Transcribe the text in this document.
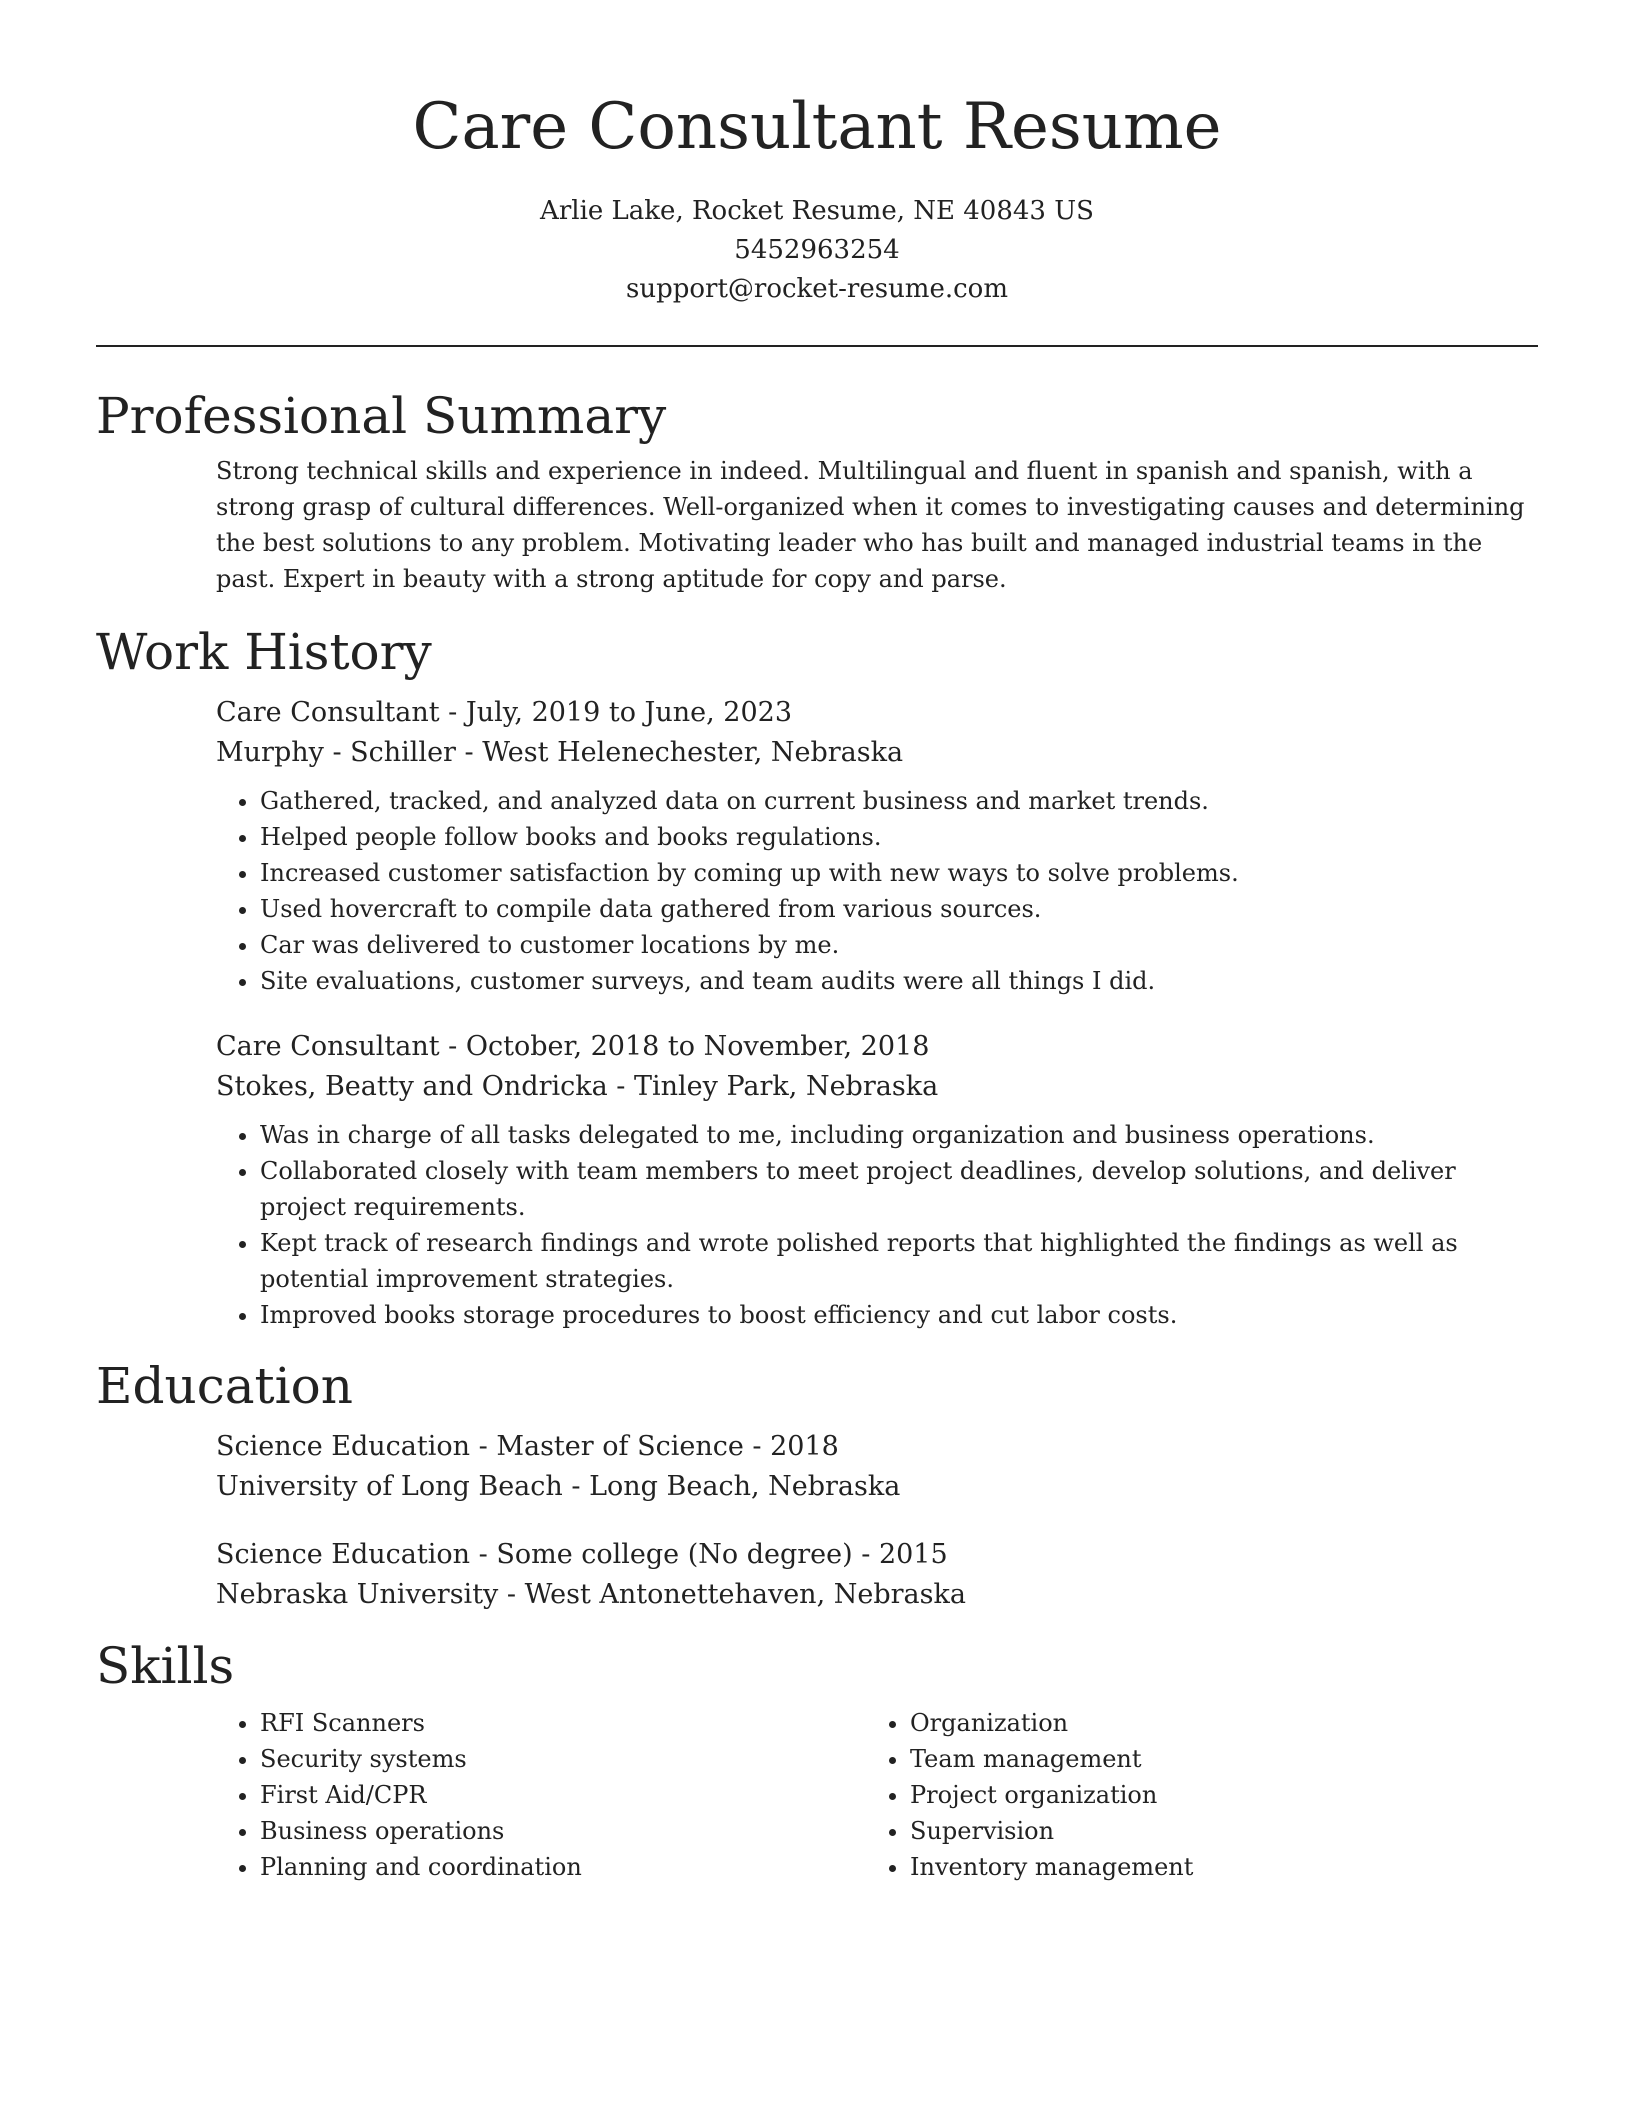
Care Consultant Resume
Arlie Lake, Rocket Resume, NE 40843 US
5452963254
support@rocket-resume.com
Professional Summary
Strong technical skills and experience in indeed. Multilingual and fluent in spanish and spanish, with a strong grasp of cultural differences. Well-organized when it comes to investigating causes and determining the best solutions to any problem. Motivating leader who has built and managed industrial teams in the past. Expert in beauty with a strong aptitude for copy and parse.
Work History
Care Consultant - July, 2019 to June, 2023
Murphy - Schiller - West Helenechester, Nebraska
• Gathered, tracked, and analyzed data on current business and market trends.
• Helped people follow books and books regulations.
• Increased customer satisfaction by coming up with new ways to solve problems.
• Used hovercraft to compile data gathered from various sources.
• Car was delivered to customer locations by me.
• Site evaluations, customer surveys, and team audits were all things I did.
Care Consultant - October, 2018 to November, 2018
Stokes, Beatty and Ondricka - Tinley Park, Nebraska
• Was in charge of all tasks delegated to me, including organization and business operations.
• Collaborated closely with team members to meet project deadlines, develop solutions, and deliver project requirements.
• Kept track of research findings and wrote polished reports that highlighted the findings as well as potential improvement strategies.
• Improved books storage procedures to boost efficiency and cut labor costs.
Education
Science Education - Master of Science - 2018
University of Long Beach - Long Beach, Nebraska
Science Education - Some college (No degree) - 2015
Nebraska University - West Antonettehaven, Nebraska
Skills
• RFI Scanners
• Security systems
• First Aid/CPR
• Business operations
• Planning and coordination
• Organization
• Team management
• Project organization
• Supervision
• Inventory management
